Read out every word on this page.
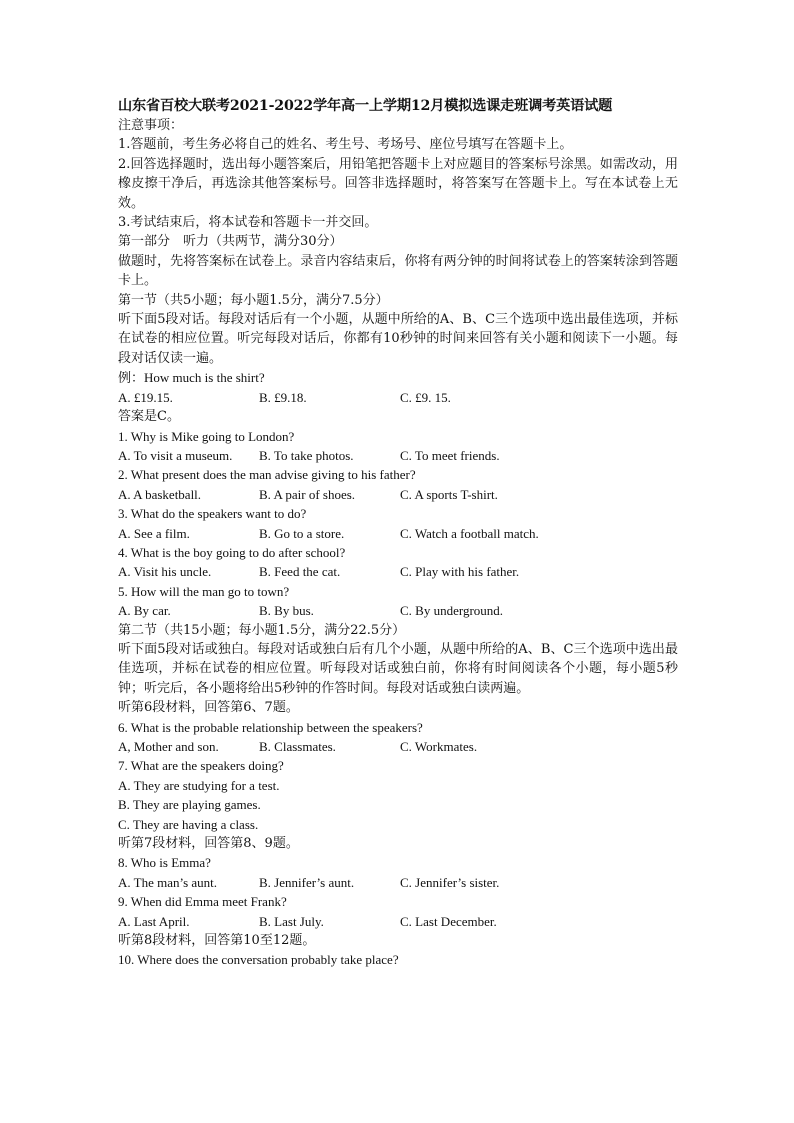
山东省百校大联考2021-2022学年高一上学期12月模拟选课走班调考英语试题
注意事项：
1.答题前，考生务必将自己的姓名、考生号、考场号、座位号填写在答题卡上。
2.回答选择题时，选出每小题答案后，用铅笔把答题卡上对应题目的答案标号涂黑。如需改动，用橡皮擦干净后，再选涂其他答案标号。回答非选择题时，将答案写在答题卡上。写在本试卷上无效。
3.考试结束后，将本试卷和答题卡一并交回。
第一部分　听力（共两节，满分30分）
做题时，先将答案标在试卷上。录音内容结束后，你将有两分钟的时间将试卷上的答案转涂到答题卡上。
第一节（共5小题；每小题1.5分，满分7.5分）
听下面5段对话。每段对话后有一个小题，从题中所给的A、B、C三个选项中选出最佳选项，并标在试卷的相应位置。听完每段对话后，你都有10秒钟的时间来回答有关小题和阅读下一小题。每段对话仅读一遍。
例：How much is the shirt?
A. £19.15.	B. £9.18.	C. £9. 15.
答案是C。
1. Why is Mike going to London?
A. To visit a museum.	B. To take photos.	C. To meet friends.
2. What present does the man advise giving to his father?
A. A basketball.	B. A pair of shoes.	C. A sports T-shirt.
3. What do the speakers want to do?
A. See a film.	B. Go to a store.	C. Watch a football match.
4. What is the boy going to do after school?
A. Visit his uncle.	B. Feed the cat.	C. Play with his father.
5. How will the man go to town?
A. By car.	B. By bus.	C. By underground.
第二节（共15小题；每小题1.5分，满分22.5分）
听下面5段对话或独白。每段对话或独白后有几个小题，从题中所给的A、B、C三个选项中选出最佳选项，并标在试卷的相应位置。听每段对话或独白前，你将有时间阅读各个小题，每小题5秒钟；听完后，各小题将给出5秒钟的作答时间。每段对话或独白读两遍。
听第6段材料，回答第6、7题。
6. What is the probable relationship between the speakers?
A, Mother and son.	B. Classmates.	C. Workmates.
7. What are the speakers doing?
A. They are studying for a test.
B. They are playing games.
C. They are having a class.
听第7段材料，回答第8、9题。
8. Who is Emma?
A. The man’s aunt.	B. Jennifer’s aunt.	C. Jennifer’s sister.
9. When did Emma meet Frank?
A. Last April.	B. Last July.	C. Last December.
听第8段材料，回答第10至12题。
10. Where does the conversation probably take place?
